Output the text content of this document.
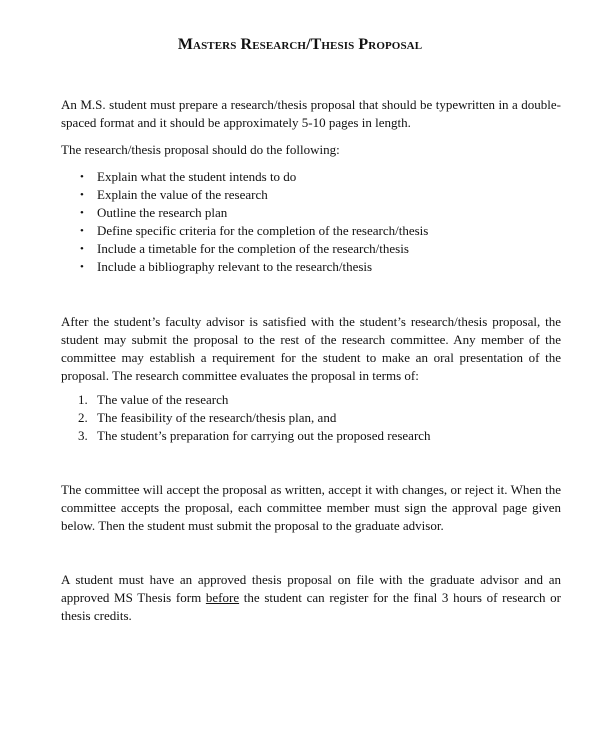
Masters Research/Thesis Proposal

An M.S. student must prepare a research/thesis proposal that should be typewritten in a double-spaced format and it should be approximately 5-10 pages in length.

The research/thesis proposal should do the following:

• Explain what the student intends to do
• Explain the value of the research
• Outline the research plan
• Define specific criteria for the completion of the research/thesis
• Include a timetable for the completion of the research/thesis
• Include a bibliography relevant to the research/thesis

After the student’s faculty advisor is satisfied with the student’s research/thesis proposal, the student may submit the proposal to the rest of the research committee. Any member of the committee may establish a requirement for the student to make an oral presentation of the proposal. The research committee evaluates the proposal in terms of:

1. The value of the research
2. The feasibility of the research/thesis plan, and
3. The student’s preparation for carrying out the proposed research

The committee will accept the proposal as written, accept it with changes, or reject it. When the committee accepts the proposal, each committee member must sign the approval page given below. Then the student must submit the proposal to the graduate advisor.

A student must have an approved thesis proposal on file with the graduate advisor and an approved MS Thesis form before the student can register for the final 3 hours of research or thesis credits.
